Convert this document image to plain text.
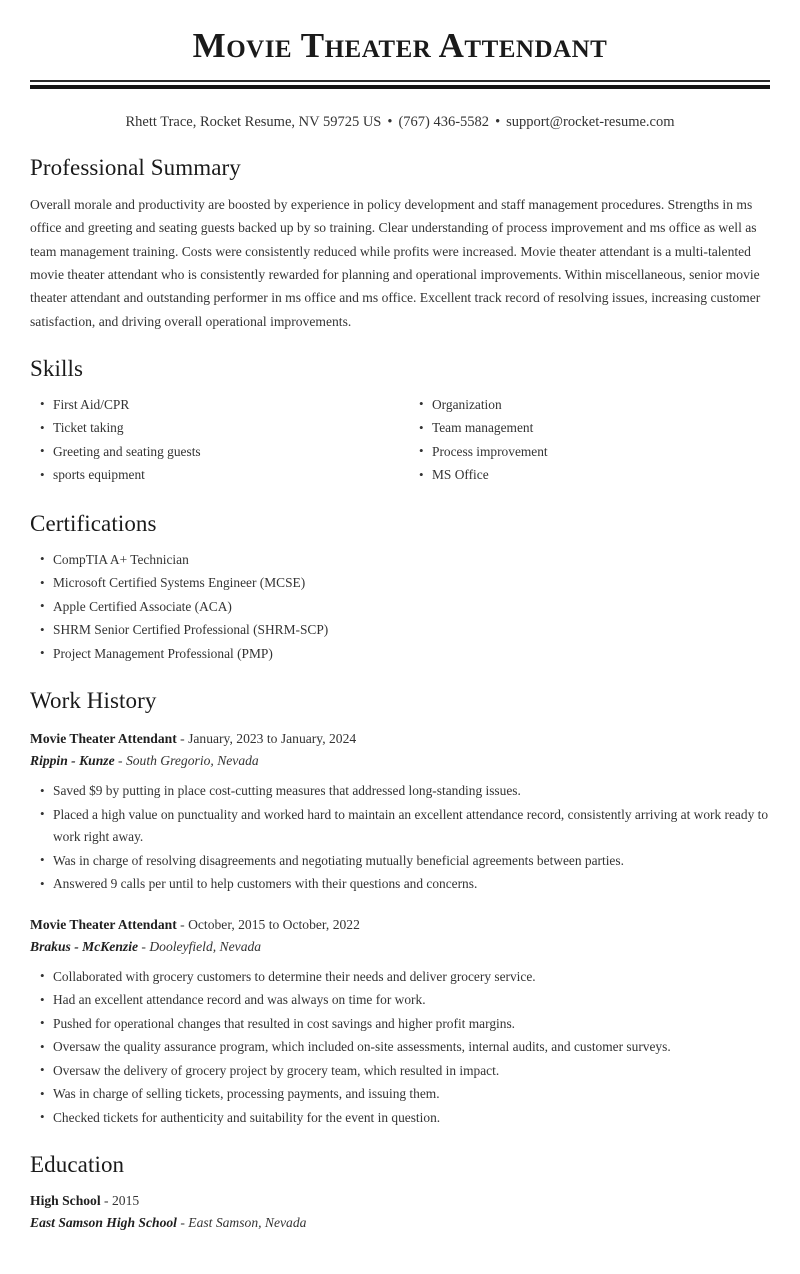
Movie Theater Attendant
Rhett Trace, Rocket Resume, NV 59725 US • (767) 436-5582 • support@rocket-resume.com
Professional Summary

Overall morale and productivity are boosted by experience in policy development and staff management procedures. Strengths in ms office and greeting and seating guests backed up by so training. Clear understanding of process improvement and ms office as well as team management training. Costs were consistently reduced while profits were increased. Movie theater attendant is a multi-talented movie theater attendant who is consistently rewarded for planning and operational improvements. Within miscellaneous, senior movie theater attendant and outstanding performer in ms office and ms office. Excellent track record of resolving issues, increasing customer satisfaction, and driving overall operational improvements.

Skills
• First Aid/CPR
• Ticket taking
• Greeting and seating guests
• sports equipment
• Organization
• Team management
• Process improvement
• MS Office
Certifications
• CompTIA A+ Technician
• Microsoft Certified Systems Engineer (MCSE)
• Apple Certified Associate (ACA)
• SHRM Senior Certified Professional (SHRM-SCP)
• Project Management Professional (PMP)
Work History
Movie Theater Attendant - January, 2023 to January, 2024
Rippin - Kunze - South Gregorio, Nevada
• Saved $9 by putting in place cost-cutting measures that addressed long-standing issues.
• Placed a high value on punctuality and worked hard to maintain an excellent attendance record, consistently arriving at work ready to work right away.
• Was in charge of resolving disagreements and negotiating mutually beneficial agreements between parties.
• Answered 9 calls per until to help customers with their questions and concerns.
Movie Theater Attendant - October, 2015 to October, 2022
Brakus - McKenzie - Dooleyfield, Nevada
• Collaborated with grocery customers to determine their needs and deliver grocery service.
• Had an excellent attendance record and was always on time for work.
• Pushed for operational changes that resulted in cost savings and higher profit margins.
• Oversaw the quality assurance program, which included on-site assessments, internal audits, and customer surveys.
• Oversaw the delivery of grocery project by grocery team, which resulted in impact.
• Was in charge of selling tickets, processing payments, and issuing them.
• Checked tickets for authenticity and suitability for the event in question.
Education
High School - 2015
East Samson High School - East Samson, Nevada
